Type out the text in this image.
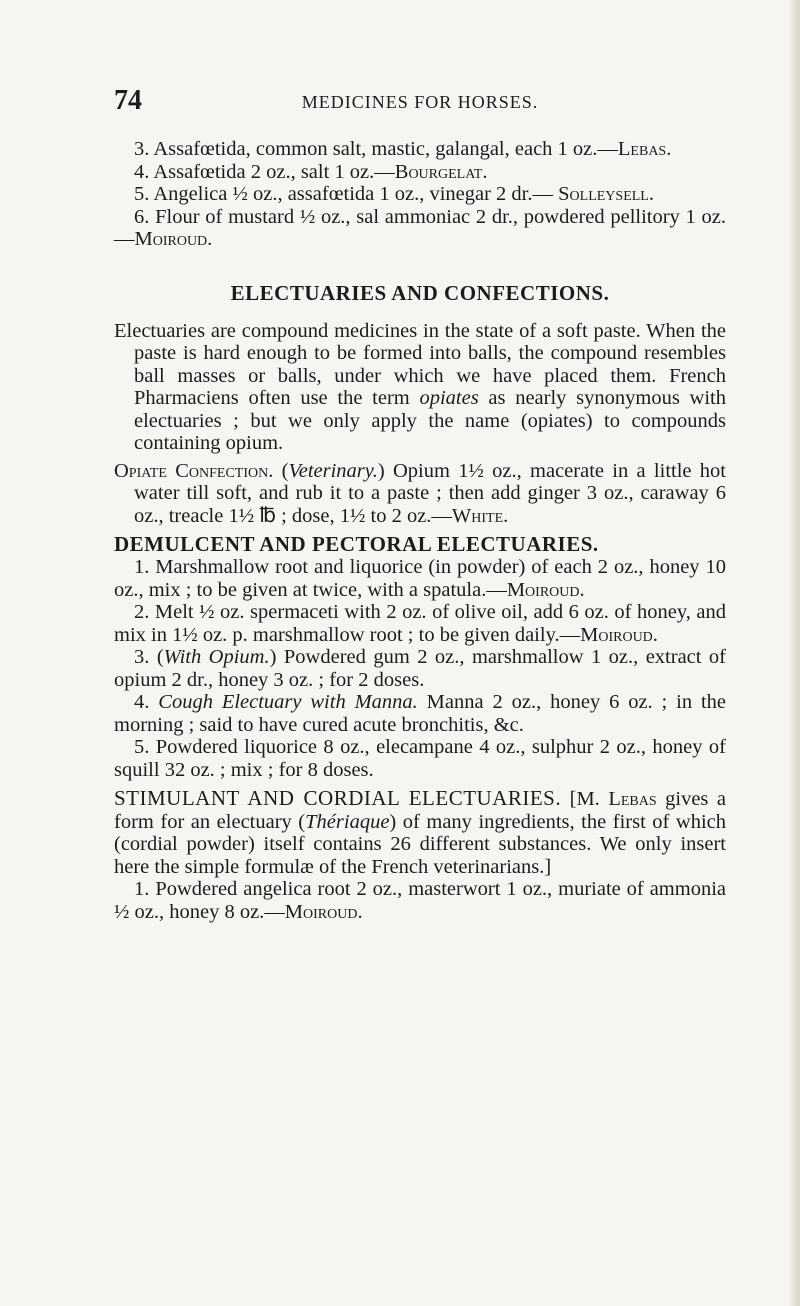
74	MEDICINES FOR HORSES.

3. Assafœtida, common salt, mastic, galangal, each 1 oz.—Lebas.

4. Assafœtida 2 oz., salt 1 oz.—Bourgelat.

5. Angelica ½ oz., assafœtida 1 oz., vinegar 2 dr.— Solleysell.

6. Flour of mustard ½ oz., sal ammoniac 2 dr., powdered pellitory 1 oz.—Moiroud.

ELECTUARIES AND CONFECTIONS.

Electuaries are compound medicines in the state of a soft paste. When the paste is hard enough to be formed into balls, the compound resembles ball masses or balls, under which we have placed them. French Pharmaciens often use the term opiates as nearly synonymous with electuaries ; but we only apply the name (opiates) to compounds containing opium.

Opiate Confection. (Veterinary.) Opium 1½ oz., macerate in a little hot water till soft, and rub it to a paste ; then add ginger 3 oz., caraway 6 oz., treacle 1½ ℔ ; dose, 1½ to 2 oz.—White.

DEMULCENT AND PECTORAL ELECTUARIES.

1. Marshmallow root and liquorice (in powder) of each 2 oz., honey 10 oz., mix ; to be given at twice, with a spatula.—Moiroud.

2. Melt ½ oz. spermaceti with 2 oz. of olive oil, add 6 oz. of honey, and mix in 1½ oz. p. marshmallow root ; to be given daily.—Moiroud.

3. (With Opium.) Powdered gum 2 oz., marshmallow 1 oz., extract of opium 2 dr., honey 3 oz. ; for 2 doses.

4. Cough Electuary with Manna. Manna 2 oz., honey 6 oz. ; in the morning ; said to have cured acute bronchitis, &c.

5. Powdered liquorice 8 oz., elecampane 4 oz., sulphur 2 oz., honey of squill 32 oz. ; mix ; for 8 doses.

STIMULANT AND CORDIAL ELECTUARIES. [M. Lebas gives a form for an electuary (Thériaque) of many ingredients, the first of which (cordial powder) itself contains 26 different substances. We only insert here the simple formulæ of the French veterinarians.]

1. Powdered angelica root 2 oz., masterwort 1 oz., muriate of ammonia ½ oz., honey 8 oz.—Moiroud.
